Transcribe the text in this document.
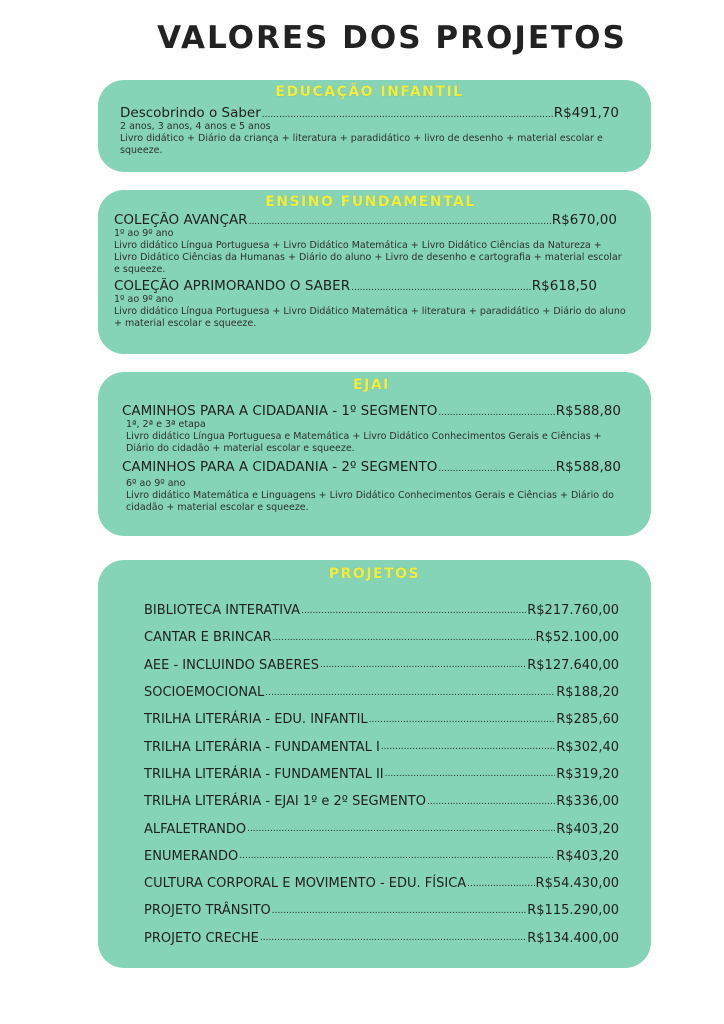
VALORES DOS PROJETOS
EDUCAÇÃO INFANTIL
Descobrindo o Saber .....	R$491,70
2 anos, 3 anos, 4 anos e 5 anos
Livro didático + Diário da criança + literatura + paradidático + livro de desenho + material escolar e squeeze.
ENSINO FUNDAMENTAL
COLEÇÃO AVANÇAR .....	R$670,00
1º ao 9º ano
Livro didático Língua Portuguesa + Livro Didático Matemática + Livro Didático Ciências da Natureza + Livro Didático Ciências da Humanas + Diário do aluno + Livro de desenho e cartografia + material escolar e squeeze.
COLEÇÃO APRIMORANDO O SABER .....	R$618,50
1º ao 9º ano
Livro didático Língua Portuguesa + Livro Didático Matemática + literatura + paradidático + Diário do aluno + material escolar e squeeze.
EJAI
CAMINHOS PARA A CIDADANIA - 1º SEGMENTO .....	R$588,80
1ª, 2ª e 3ª etapa
Livro didático Língua Portuguesa e Matemática + Livro Didático Conhecimentos Gerais e Ciências + Diário do cidadão + material escolar e squeeze.
CAMINHOS PARA A CIDADANIA - 2º SEGMENTO .....	R$588,80
6º ao 9º ano
Livro didático Matemática e Linguagens + Livro Didático Conhecimentos Gerais e Ciências + Diário do cidadão + material escolar e squeeze.
PROJETOS
BIBLIOTECA INTERATIVA .....	R$217.760,00
CANTAR E BRINCAR .....	R$52.100,00
AEE - INCLUINDO SABERES .....	R$127.640,00
SOCIOEMOCIONAL .....	R$188,20
TRILHA LITERÁRIA - EDU. INFANTIL .....	R$285,60
TRILHA LITERÁRIA - FUNDAMENTAL I .....	R$302,40
TRILHA LITERÁRIA - FUNDAMENTAL II .....	R$319,20
TRILHA LITERÁRIA - EJAI 1º e 2º SEGMENTO .....	R$336,00
ALFALETRANDO .....	R$403,20
ENUMERANDO .....	R$403,20
CULTURA CORPORAL E MOVIMENTO - EDU. FÍSICA .....	R$54.430,00
PROJETO TRÂNSITO .....	R$115.290,00
PROJETO CRECHE .....	R$134.400,00
